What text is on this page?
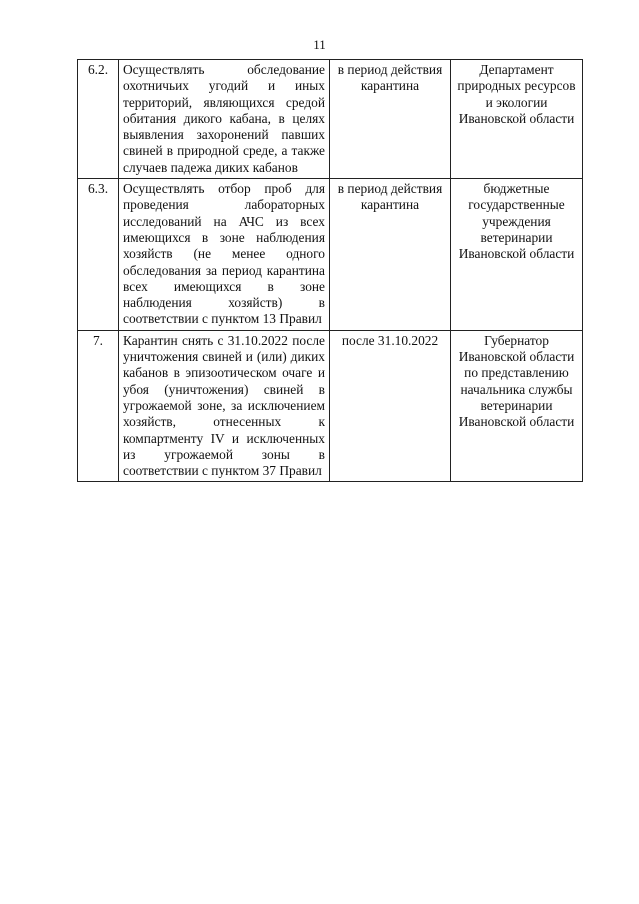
11
6.2.	Осуществлять обследование охотничьих угодий и иных территорий, являющихся средой обитания дикого кабана, в целях выявления захоронений павших свиней в природной среде, а также случаев падежа диких кабанов	в период действия карантина	Департамент природных ресурсов и экологии Ивановской области
6.3.	Осуществлять отбор проб для проведения лабораторных исследований на АЧС из всех имеющихся в зоне наблюдения хозяйств (не менее одного обследования за период карантина всех имеющихся в зоне наблюдения хозяйств) в соответствии с пунктом 13 Правил	в период действия карантина	бюджетные государственные учреждения ветеринарии Ивановской области
7.	Карантин снять с 31.10.2022 после уничтожения свиней и (или) диких кабанов в эпизоотическом очаге и убоя (уничтожения) свиней в угрожаемой зоне, за исключением хозяйств, отнесенных к компартменту IV и исключенных из угрожаемой зоны в соответствии с пунктом 37 Правил	после 31.10.2022	Губернатор Ивановской области по представлению начальника службы ветеринарии Ивановской области
